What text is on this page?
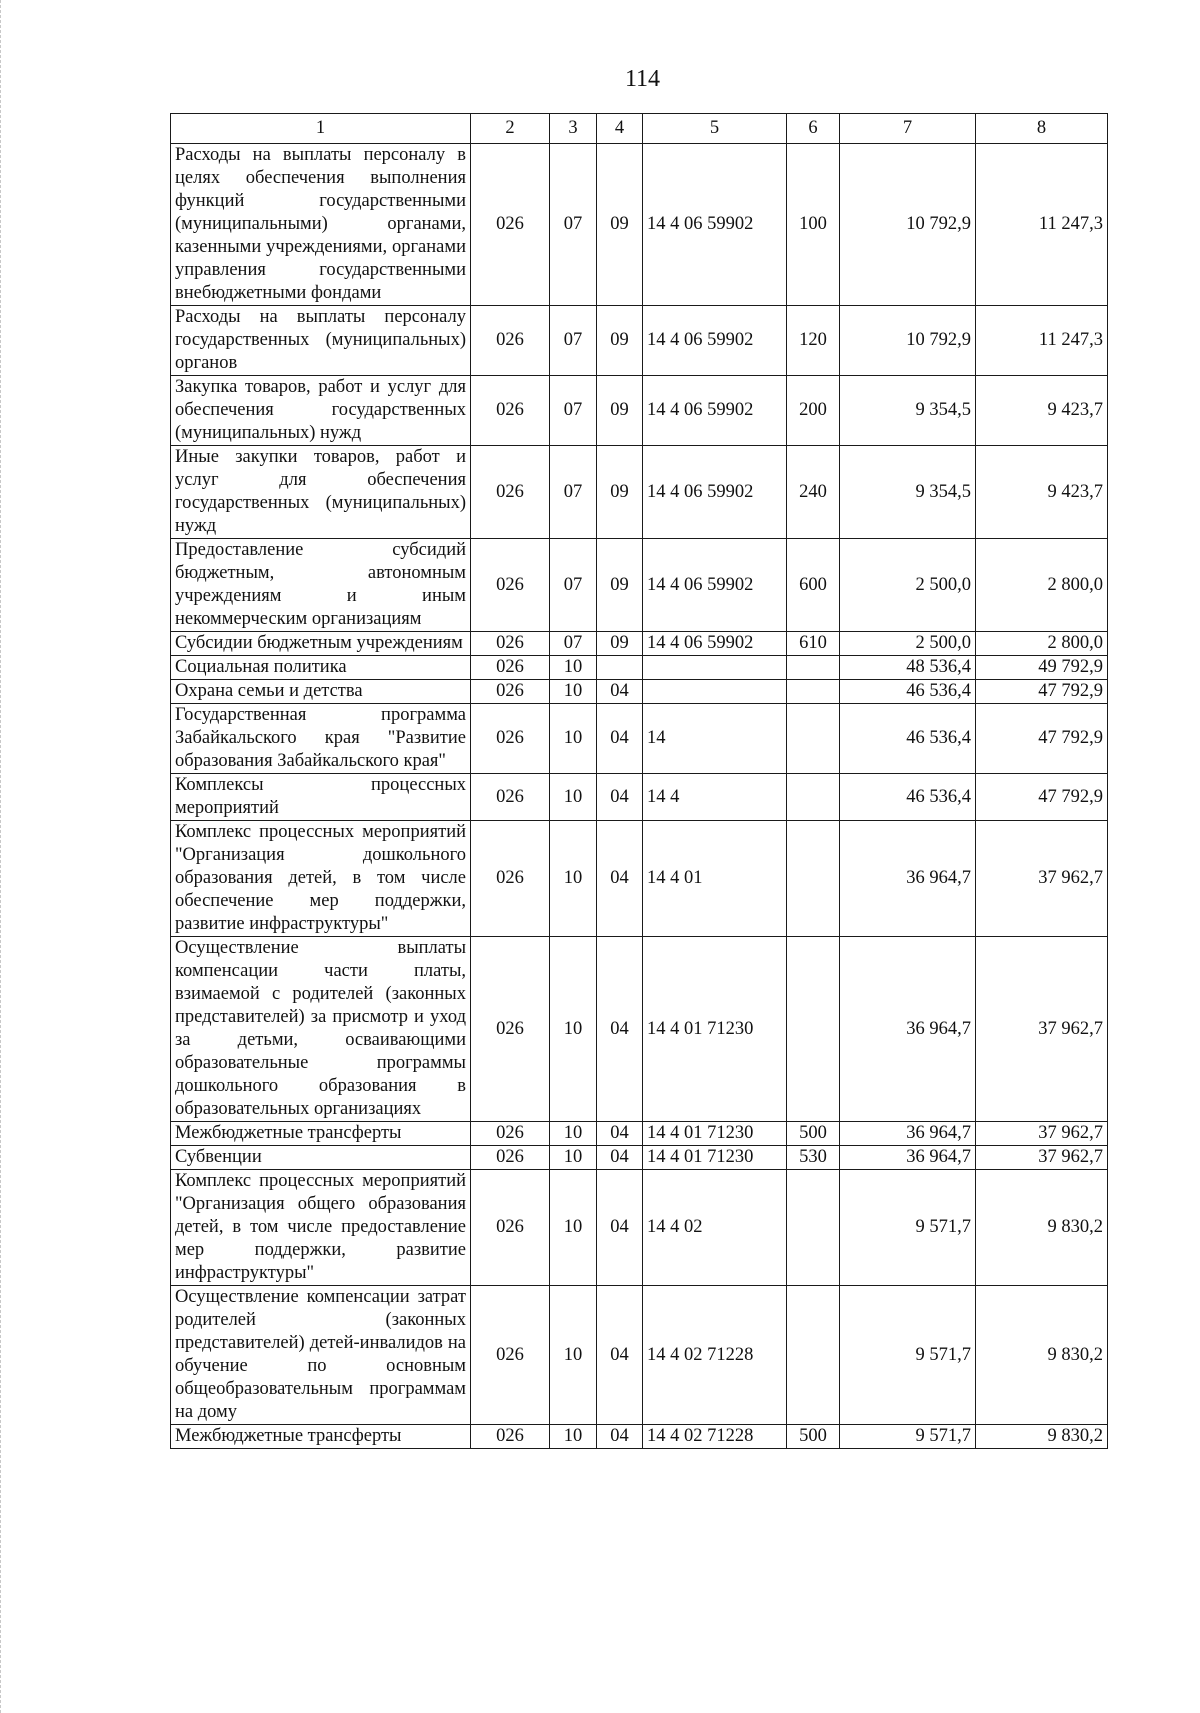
114
1	2	3	4	5	6	7	8
Расходы на выплаты персоналу в целях обеспечения выполнения функций государственными (муниципальными) органами, казенными учреждениями, органами управления государственными внебюджетными фондами	026	07	09	14 4 06 59902	100	10 792,9	11 247,3
Расходы на выплаты персоналу государственных (муниципальных) органов	026	07	09	14 4 06 59902	120	10 792,9	11 247,3
Закупка товаров, работ и услуг для обеспечения государственных (муниципальных) нужд	026	07	09	14 4 06 59902	200	9 354,5	9 423,7
Иные закупки товаров, работ и услуг для обеспечения государственных (муниципальных) нужд	026	07	09	14 4 06 59902	240	9 354,5	9 423,7
Предоставление субсидий бюджетным, автономным учреждениям и иным некоммерческим организациям	026	07	09	14 4 06 59902	600	2 500,0	2 800,0
Субсидии бюджетным учреждениям	026	07	09	14 4 06 59902	610	2 500,0	2 800,0
Социальная политика	026	10				48 536,4	49 792,9
Охрана семьи и детства	026	10	04			46 536,4	47 792,9
Государственная программа Забайкальского края "Развитие образования Забайкальского края"	026	10	04	14		46 536,4	47 792,9
Комплексы процессных мероприятий	026	10	04	14 4		46 536,4	47 792,9
Комплекс процессных мероприятий "Организация дошкольного образования детей, в том числе обеспечение мер поддержки, развитие инфраструктуры"	026	10	04	14 4 01		36 964,7	37 962,7
Осуществление выплаты компенсации части платы, взимаемой с родителей (законных представителей) за присмотр и уход за детьми, осваивающими образовательные программы дошкольного образования в образовательных организациях	026	10	04	14 4 01 71230		36 964,7	37 962,7
Межбюджетные трансферты	026	10	04	14 4 01 71230	500	36 964,7	37 962,7
Субвенции	026	10	04	14 4 01 71230	530	36 964,7	37 962,7
Комплекс процессных мероприятий "Организация общего образования детей, в том числе предоставление мер поддержки, развитие инфраструктуры"	026	10	04	14 4 02		9 571,7	9 830,2
Осуществление компенсации затрат родителей (законных представителей) детей-инвалидов на обучение по основным общеобразовательным программам на дому	026	10	04	14 4 02 71228		9 571,7	9 830,2
Межбюджетные трансферты	026	10	04	14 4 02 71228	500	9 571,7	9 830,2
